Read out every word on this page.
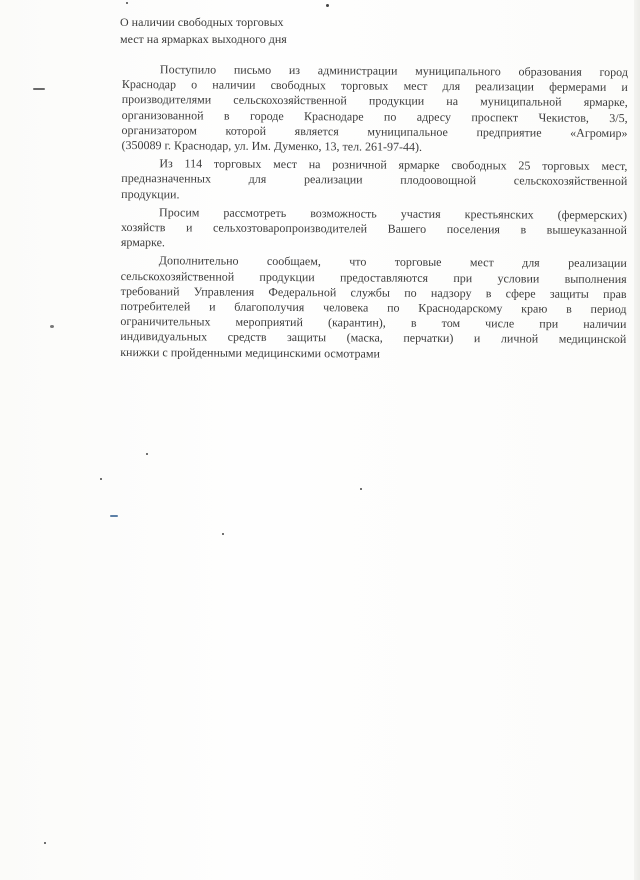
О наличии свободных торговых
мест на ярмарках выходного дня
Поступило письмо из администрации муниципального образования город
Краснодар о наличии свободных торговых мест для реализации фермерами и
производителями сельскохозяйственной продукции на муниципальной ярмарке,
организованной в городе Краснодаре по адресу проспект Чекистов, 3/5,
организатором которой является муниципальное предприятие «Агромир»
(350089 г. Краснодар, ул. Им. Думенко, 13, тел. 261-97-44).
Из 114 торговых мест на розничной ярмарке свободных 25 торговых мест,
предназначенных для реализации плодоовощной сельскохозяйственной
продукции.
Просим рассмотреть возможность участия крестьянских (фермерских)
хозяйств и сельхозтоваропроизводителей Вашего поселения в вышеуказанной
ярмарке.
Дополнительно сообщаем, что торговые мест для реализации
сельскохозяйственной продукции предоставляются при условии выполнения
требований Управления Федеральной службы по надзору в сфере защиты прав
потребителей и благополучия человека по Краснодарскому краю в период
ограничительных мероприятий (карантин), в том числе при наличии
индивидуальных средств защиты (маска, перчатки) и личной медицинской
книжки с пройденными медицинскими осмотрами
